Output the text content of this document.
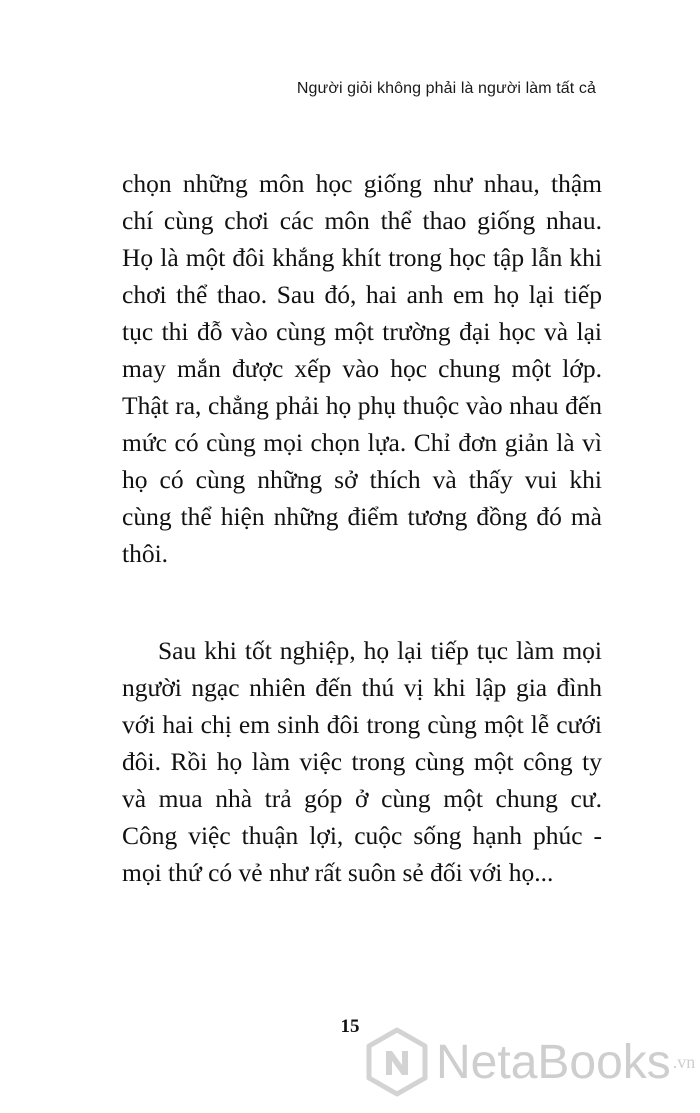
Người giỏi không phải là người làm tất cả

chọn những môn học giống như nhau, thậm chí cùng chơi các môn thể thao giống nhau. Họ là một đôi khắng khít trong học tập lẫn khi chơi thể thao. Sau đó, hai anh em họ lại tiếp tục thi đỗ vào cùng một trường đại học và lại may mắn được xếp vào học chung một lớp. Thật ra, chẳng phải họ phụ thuộc vào nhau đến mức có cùng mọi chọn lựa. Chỉ đơn giản là vì họ có cùng những sở thích và thấy vui khi cùng thể hiện những điểm tương đồng đó mà thôi.

Sau khi tốt nghiệp, họ lại tiếp tục làm mọi người ngạc nhiên đến thú vị khi lập gia đình với hai chị em sinh đôi trong cùng một lễ cưới đôi. Rồi họ làm việc trong cùng một công ty và mua nhà trả góp ở cùng một chung cư. Công việc thuận lợi, cuộc sống hạnh phúc - mọi thứ có vẻ như rất suôn sẻ đối với họ...

15
NetaBooks .vn
